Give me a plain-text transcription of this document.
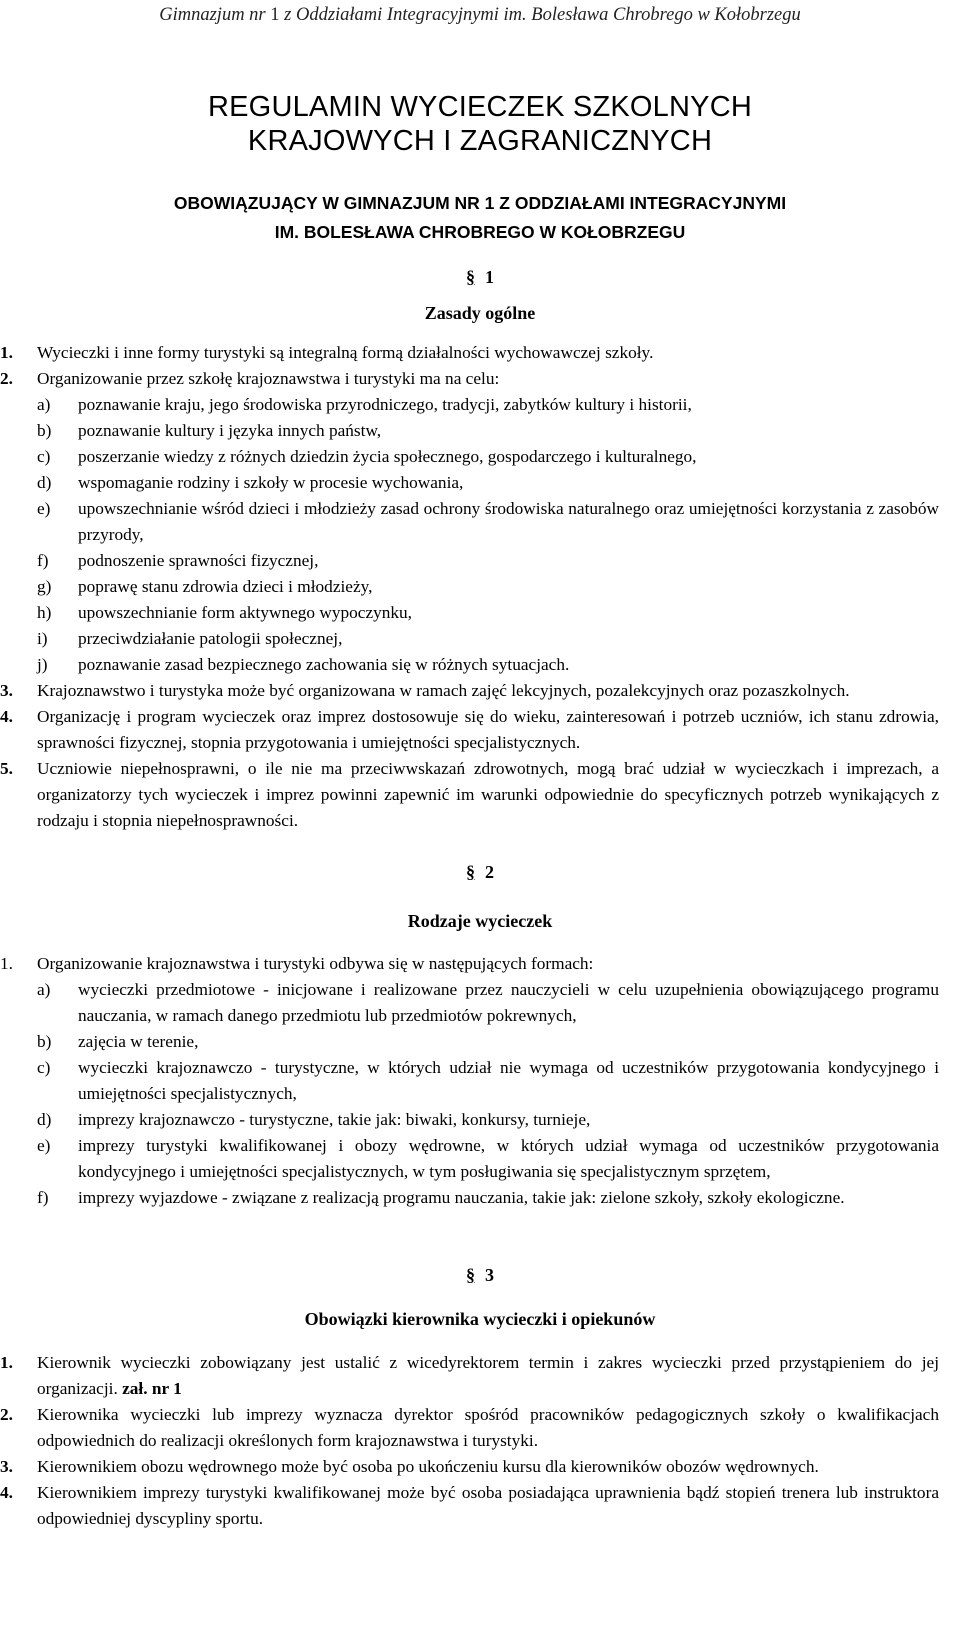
Gimnazjum nr 1 z Oddziałami Integracyjnymi im. Bolesława Chrobrego w Kołobrzegu
REGULAMIN WYCIECZEK SZKOLNYCH
KRAJOWYCH I ZAGRANICZNYCH
OBOWIĄZUJĄCY W GIMNAZJUM NR 1 Z ODDZIAŁAMI INTEGRACYJNYMI
IM. BOLESŁAWA CHROBREGO W KOŁOBRZEGU
§ 1
Zasady ogólne
1.	Wycieczki i inne formy turystyki są integralną formą działalności wychowawczej szkoły.
2.	Organizowanie przez szkołę krajoznawstwa i turystyki ma na celu:
a)	poznawanie kraju, jego środowiska przyrodniczego, tradycji, zabytków kultury i historii,
b)	poznawanie kultury i języka innych państw,
c)	poszerzanie wiedzy z różnych dziedzin życia społecznego, gospodarczego i kulturalnego,
d)	wspomaganie rodziny i szkoły w procesie wychowania,
e)	upowszechnianie wśród dzieci i młodzieży zasad ochrony środowiska naturalnego oraz umiejętności korzystania z zasobów przyrody,
f)	podnoszenie sprawności fizycznej,
g)	poprawę stanu zdrowia dzieci i młodzieży,
h)	upowszechnianie form aktywnego wypoczynku,
i)	przeciwdziałanie patologii społecznej,
j)	poznawanie zasad bezpiecznego zachowania się w różnych sytuacjach.
3.	Krajoznawstwo i turystyka może być organizowana w ramach zajęć lekcyjnych, pozalekcyjnych oraz pozaszkolnych.
4.	Organizację i program wycieczek oraz imprez dostosowuje się do wieku, zainteresowań i potrzeb uczniów, ich stanu zdrowia, sprawności fizycznej, stopnia przygotowania i umiejętności specjalistycznych.
5.	Uczniowie niepełnosprawni, o ile nie ma przeciwwskazań zdrowotnych, mogą brać udział w wycieczkach i imprezach, a organizatorzy tych wycieczek i imprez powinni zapewnić im warunki odpowiednie do specyficznych potrzeb wynikających z rodzaju i stopnia niepełnosprawności.
§ 2
Rodzaje wycieczek
1.	Organizowanie krajoznawstwa i turystyki odbywa się w następujących formach:
a)	wycieczki przedmiotowe - inicjowane i realizowane przez nauczycieli w celu uzupełnienia obowiązującego programu nauczania, w ramach danego przedmiotu lub przedmiotów pokrewnych,
b)	zajęcia w terenie,
c)	wycieczki krajoznawczo - turystyczne, w których udział nie wymaga od uczestników przygotowania kondycyjnego i umiejętności specjalistycznych,
d)	imprezy krajoznawczo - turystyczne, takie jak: biwaki, konkursy, turnieje,
e)	imprezy turystyki kwalifikowanej i obozy wędrowne, w których udział wymaga od uczestników przygotowania kondycyjnego i umiejętności specjalistycznych, w tym posługiwania się specjalistycznym sprzętem,
f)	imprezy wyjazdowe - związane z realizacją programu nauczania, takie jak: zielone szkoły, szkoły ekologiczne.
§ 3
Obowiązki kierownika wycieczki i opiekunów
1.	Kierownik wycieczki zobowiązany jest ustalić z wicedyrektorem termin i zakres wycieczki przed przystąpieniem do jej organizacji. zał. nr 1
2.	Kierownika wycieczki lub imprezy wyznacza dyrektor spośród pracowników pedagogicznych szkoły o kwalifikacjach odpowiednich do realizacji określonych form krajoznawstwa i turystyki.
3.	Kierownikiem obozu wędrownego może być osoba po ukończeniu kursu dla kierowników obozów wędrownych.
4.	Kierownikiem imprezy turystyki kwalifikowanej może być osoba posiadająca uprawnienia bądź stopień trenera lub instruktora odpowiedniej dyscypliny sportu.
